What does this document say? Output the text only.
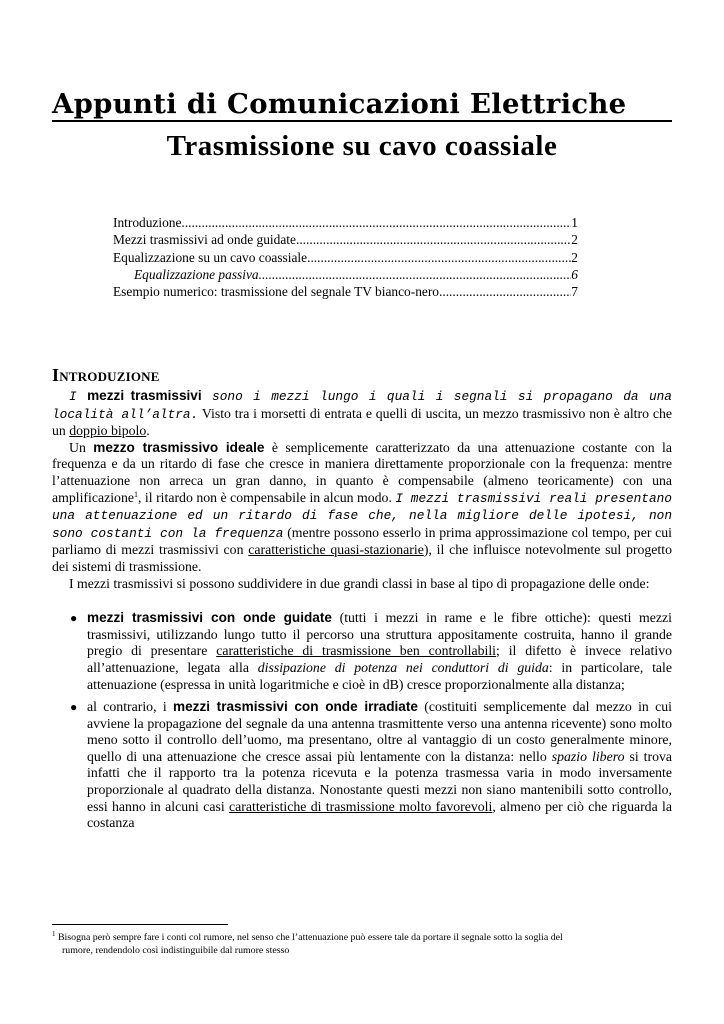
Appunti di Comunicazioni Elettriche
Trasmissione su cavo coassiale
Introduzione .....	1
Mezzi trasmissivi ad onde guidate .....	2
Equalizzazione su un cavo coassiale .....	2
Equalizzazione passiva .....	6
Esempio numerico: trasmissione del segnale TV bianco-nero .....	7
Introduzione

I mezzi trasmissivi sono i mezzi lungo i quali i segnali si propagano da una località all’altra. Visto tra i morsetti di entrata e quelli di uscita, un mezzo trasmissivo non è altro che un doppio bipolo.

Un mezzo trasmissivo ideale è semplicemente caratterizzato da una attenuazione costante con la frequenza e da un ritardo di fase che cresce in maniera direttamente proporzionale con la frequenza: mentre l’attenuazione non arreca un gran danno, in quanto è compensabile (almeno teoricamente) con una amplificazione$^1$, il ritardo non è compensabile in alcun modo. I mezzi trasmissivi reali presentano una attenuazione ed un ritardo di fase che, nella migliore delle ipotesi, non sono costanti con la frequenza (mentre possono esserlo in prima approssimazione col tempo, per cui parliamo di mezzi trasmissivi con caratteristiche quasi-stazionarie), il che influisce notevolmente sul progetto dei sistemi di trasmissione.

I mezzi trasmissivi si possono suddividere in due grandi classi in base al tipo di propagazione delle onde:

● mezzi trasmissivi con onde guidate (tutti i mezzi in rame e le fibre ottiche): questi mezzi trasmissivi, utilizzando lungo tutto il percorso una struttura appositamente costruita, hanno il grande pregio di presentare caratteristiche di trasmissione ben controllabili; il difetto è invece relativo all’attenuazione, legata alla dissipazione di potenza nei conduttori di guida: in particolare, tale attenuazione (espressa in unità logaritmiche e cioè in dB) cresce proporzionalmente alla distanza;
● al contrario, i mezzi trasmissivi con onde irradiate (costituiti semplicemente dal mezzo in cui avviene la propagazione del segnale da una antenna trasmittente verso una antenna ricevente) sono molto meno sotto il controllo dell’uomo, ma presentano, oltre al vantaggio di un costo generalmente minore, quello di una attenuazione che cresce assai più lentamente con la distanza: nello spazio libero si trova infatti che il rapporto tra la potenza ricevuta e la potenza trasmessa varia in modo inversamente proporzionale al quadrato della distanza. Nonostante questi mezzi non siano mantenibili sotto controllo, essi hanno in alcuni casi caratteristiche di trasmissione molto favorevoli, almeno per ciò che riguarda la costanza
$^1$ Bisogna però sempre fare i conti col rumore, nel senso che l’attenuazione può essere tale da portare il segnale sotto la soglia del
rumore, rendendolo così indistinguibile dal rumore stesso
